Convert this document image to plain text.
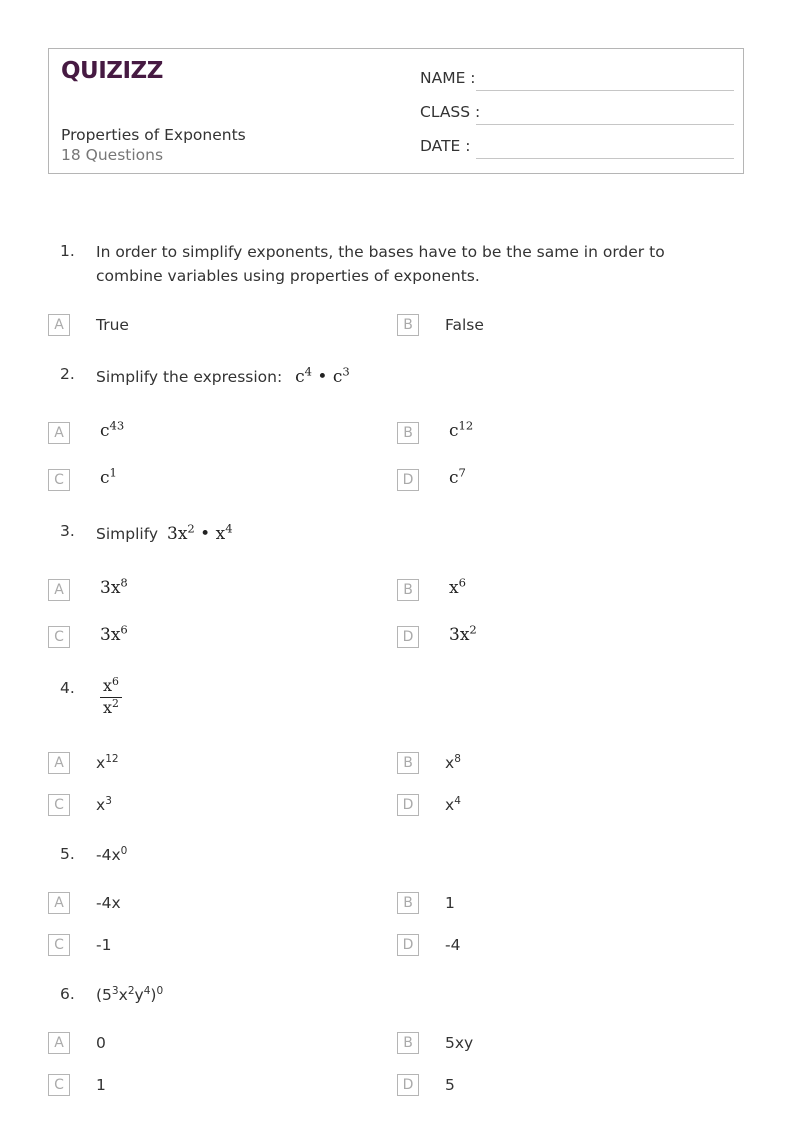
QUIZIZZ
Properties of Exponents
18 Questions
NAME :
CLASS :
DATE :
1. In order to simplify exponents, the bases have to be the same in order to combine variables using properties of exponents.
A	True	B	False
2. Simplify the expression: $c^4$ • $c^3$
A	$c^{43}$	B	$c^{12}$
C	$c^1$	D	$c^7$
3. Simplify $3x^2$ • $x^4$
A	$3x^8$	B	$x^6$
C	$3x^6$	D	$3x^2$
4. $x^6$
$x^2$
A	$x^{12}$	B	$x^8$
C	$x^3$	D	$x^4$
5. $-4x^0$
A	-4x	B	1
C	-1	D	-4
6. $(5^3x^2y^4)^0$
A	0	B	5xy
C	1	D	5
